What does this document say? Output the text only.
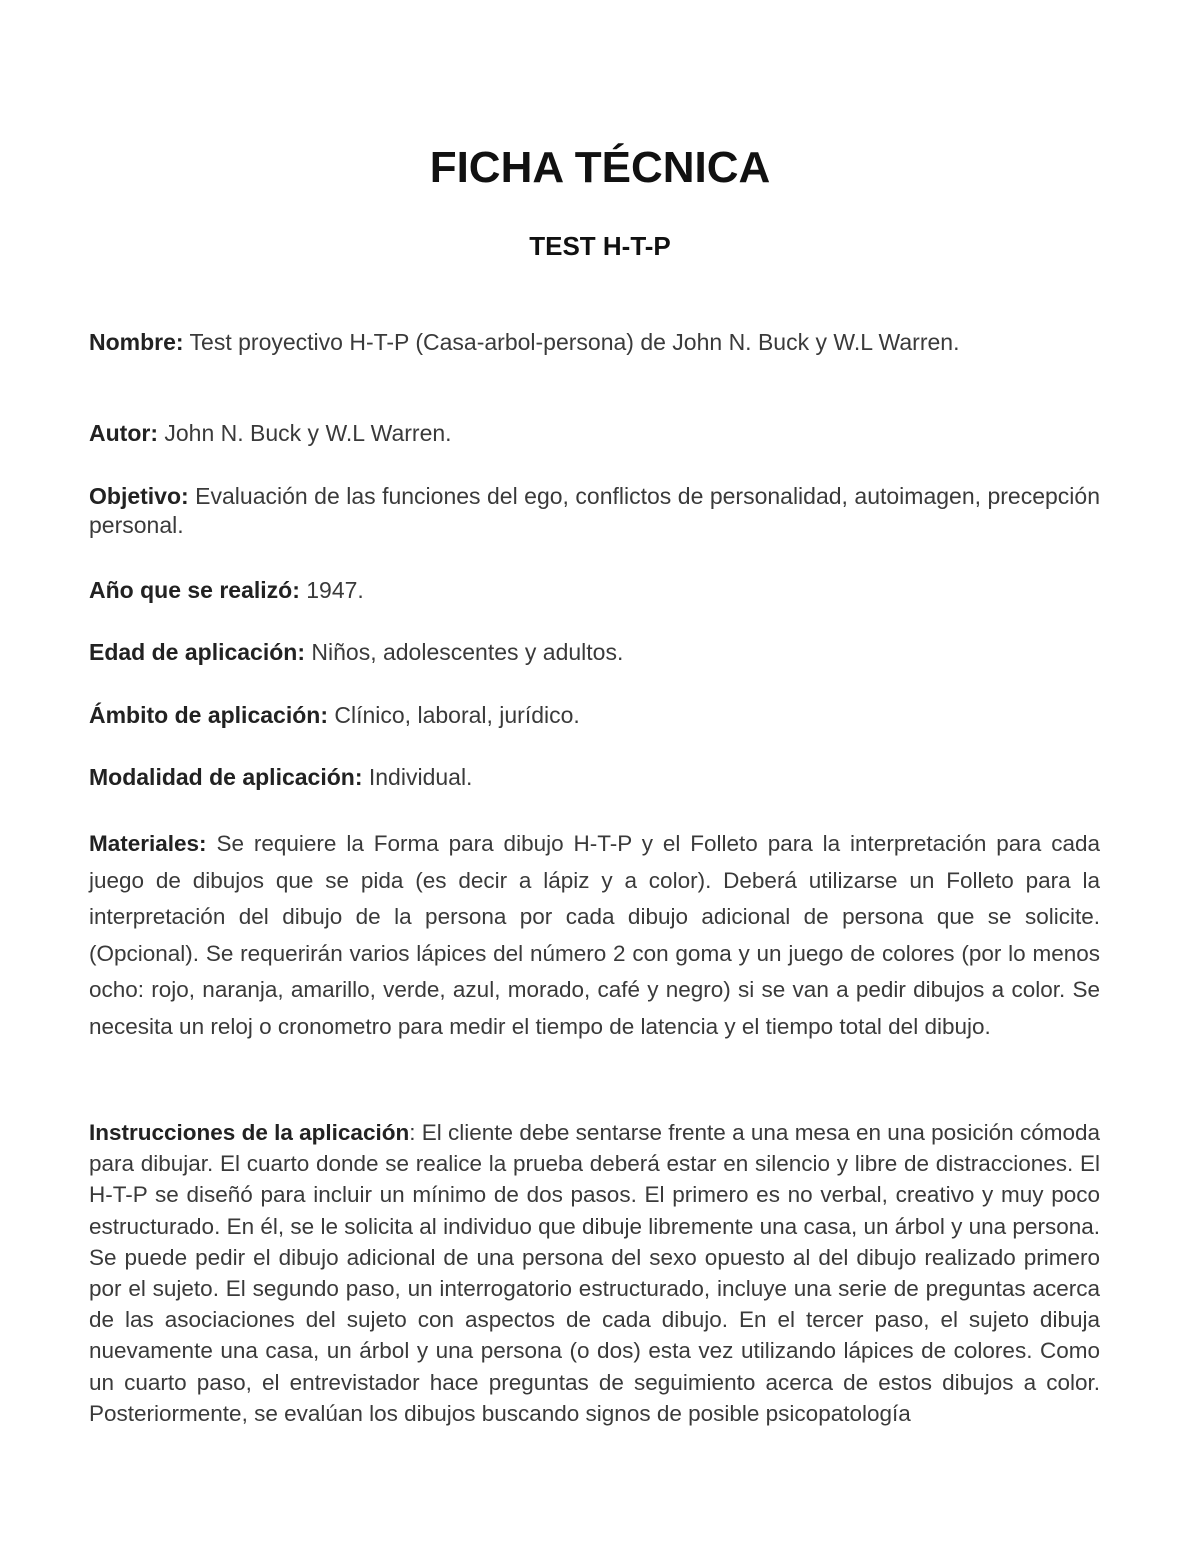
FICHA TÉCNICA
TEST H-T-P

Nombre: Test proyectivo H-T-P (Casa-arbol-persona) de John N. Buck y W.L Warren.

Autor: John N. Buck y W.L Warren.

Objetivo: Evaluación de las funciones del ego, conflictos de personalidad, autoimagen, precepción personal.

Año que se realizó: 1947.

Edad de aplicación: Niños, adolescentes y adultos.

Ámbito de aplicación: Clínico, laboral, jurídico.

Modalidad de aplicación: Individual.

Materiales: Se requiere la Forma para dibujo H-T-P y el Folleto para la interpretación para cada juego de dibujos que se pida (es decir a lápiz y a color). Deberá utilizarse un Folleto para la interpretación del dibujo de la persona por cada dibujo adicional de persona que se solicite. (Opcional). Se requerirán varios lápices del número 2 con goma y un juego de colores (por lo menos ocho: rojo, naranja, amarillo, verde, azul, morado, café y negro) si se van a pedir dibujos a color. Se necesita un reloj o cronometro para medir el tiempo de latencia y el tiempo total del dibujo.

Instrucciones de la aplicación: El cliente debe sentarse frente a una mesa en una posición cómoda para dibujar. El cuarto donde se realice la prueba deberá estar en silencio y libre de distracciones. El H-T-P se diseñó para incluir un mínimo de dos pasos. El primero es no verbal, creativo y muy poco estructurado. En él, se le solicita al individuo que dibuje libremente una casa, un árbol y una persona. Se puede pedir el dibujo adicional de una persona del sexo opuesto al del dibujo realizado primero por el sujeto. El segundo paso, un interrogatorio estructurado, incluye una serie de preguntas acerca de las asociaciones del sujeto con aspectos de cada dibujo. En el tercer paso, el sujeto dibuja nuevamente una casa, un árbol y una persona (o dos) esta vez utilizando lápices de colores. Como un cuarto paso, el entrevistador hace preguntas de seguimiento acerca de estos dibujos a color. Posteriormente, se evalúan los dibujos buscando signos de posible psicopatología
